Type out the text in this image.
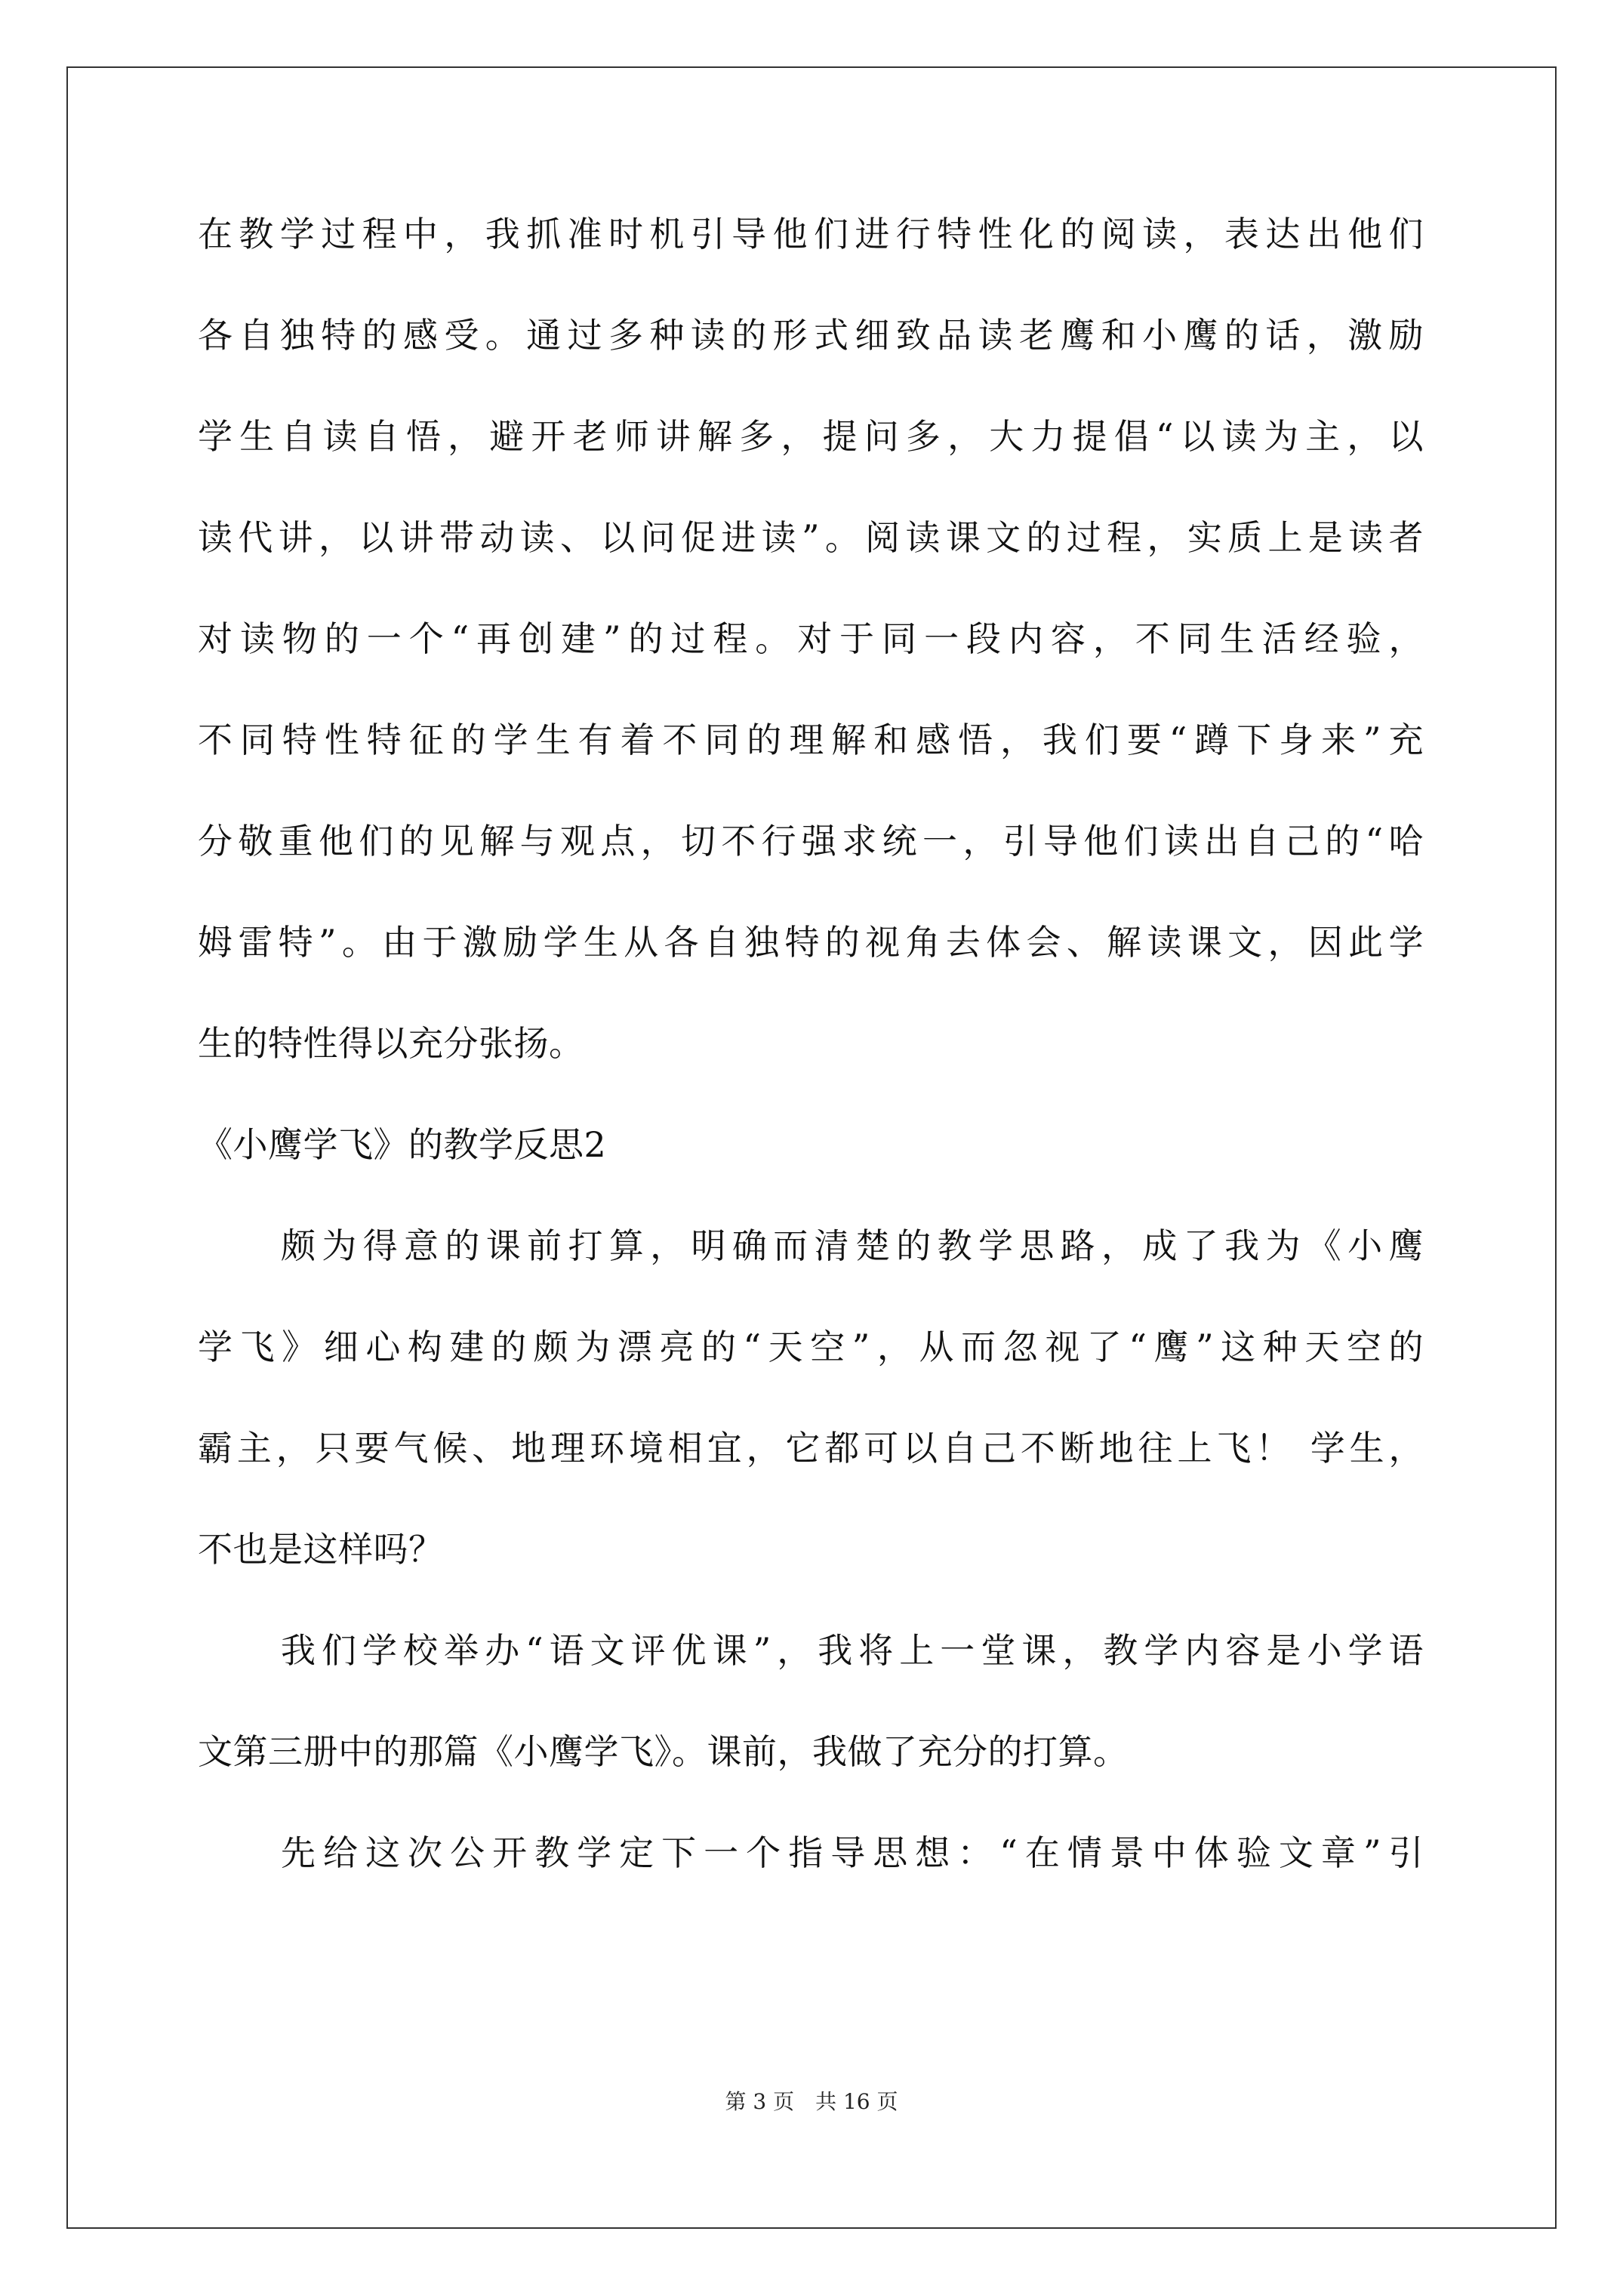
在教学过程中，我抓准时机引导他们进行特性化的阅读，表达出他们
各自独特的感受。通过多种读的形式细致品读老鹰和小鹰的话，激励
学生自读自悟，避开老师讲解多，提问多，大力提倡“以读为主，以
读代讲，以讲带动读、以问促进读”。阅读课文的过程，实质上是读者
对读物的一个“再创建”的过程。对于同一段内容，不同生活经验，
不同特性特征的学生有着不同的理解和感悟，我们要“蹲下身来”充
分敬重他们的见解与观点，切不行强求统一，引导他们读出自己的“哈
姆雷特”。由于激励学生从各自独特的视角去体会、解读课文，因此学
生的特性得以充分张扬。
《小鹰学飞》的教学反思2
颇为得意的课前打算，明确而清楚的教学思路，成了我为《小鹰
学飞》细心构建的颇为漂亮的“天空”，从而忽视了“鹰”这种天空的
霸主，只要气候、地理环境相宜，它都可以自己不断地往上飞！ 学生，
不也是这样吗？
我们学校举办“语文评优课”，我将上一堂课，教学内容是小学语
文第三册中的那篇《小鹰学飞》。课前，我做了充分的打算。
先给这次公开教学定下一个指导思想：“在情景中体验文章”引
第 3 页　共 16 页
